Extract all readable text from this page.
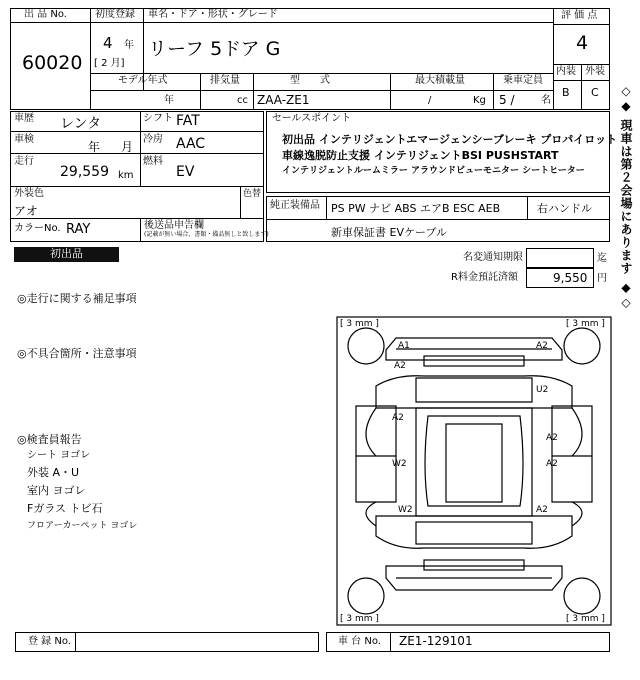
出 品 No.
60020
初度登録
4 年
[ 2 月]
車名・ドア・形状・グレード
リーフ 5ドア G
評 価 点
4
内装 外装
B C
モデル年式
年
排気量
cc
型　　式
ZAA-ZE1
最大積載量
/	Kg
乗車定員
5 /	名
車歴 レンタ	シフト FAT
車検
年 月
冷房 AAC
走行
29,559 km
燃料
EV
外装色
アオ
色替
カラーNo. RAY	後送品申告欄
(記載が無い場合、書類・備品無しと致します)
セールスポイント
初出品 インテリジェントエマージェンシーブレーキ プロパイロット
車線逸脱防止支援 インテリジェントBSI PUSHSTART
インテリジェントルームミラー アラウンドビューモニター シートヒーター
純正装備品 PS PW ナビ ABS エアB ESC AEB	右ハンドル
新車保証書 EVケーブル
初出品	名変通知期限	迄
R料金預託済額	9,550 円
◎走行に関する補足事項
◎不具合箇所・注意事項
◎検査員報告
シート ヨゴレ
外装 A・U
室内 ヨゴレ
Fガラス トビ石
フロアーカーペット ヨゴレ
◇◆ 現車は第２会場にあります ◆◇
[ 3 mm ]	[ 3 mm ]
[ 3 mm ]	[ 3 mm ]
A1	A2
A2
U2
A2
A2
W2	A2
W2	A2
登 録 No.	車 台 No. ZE1-129101
